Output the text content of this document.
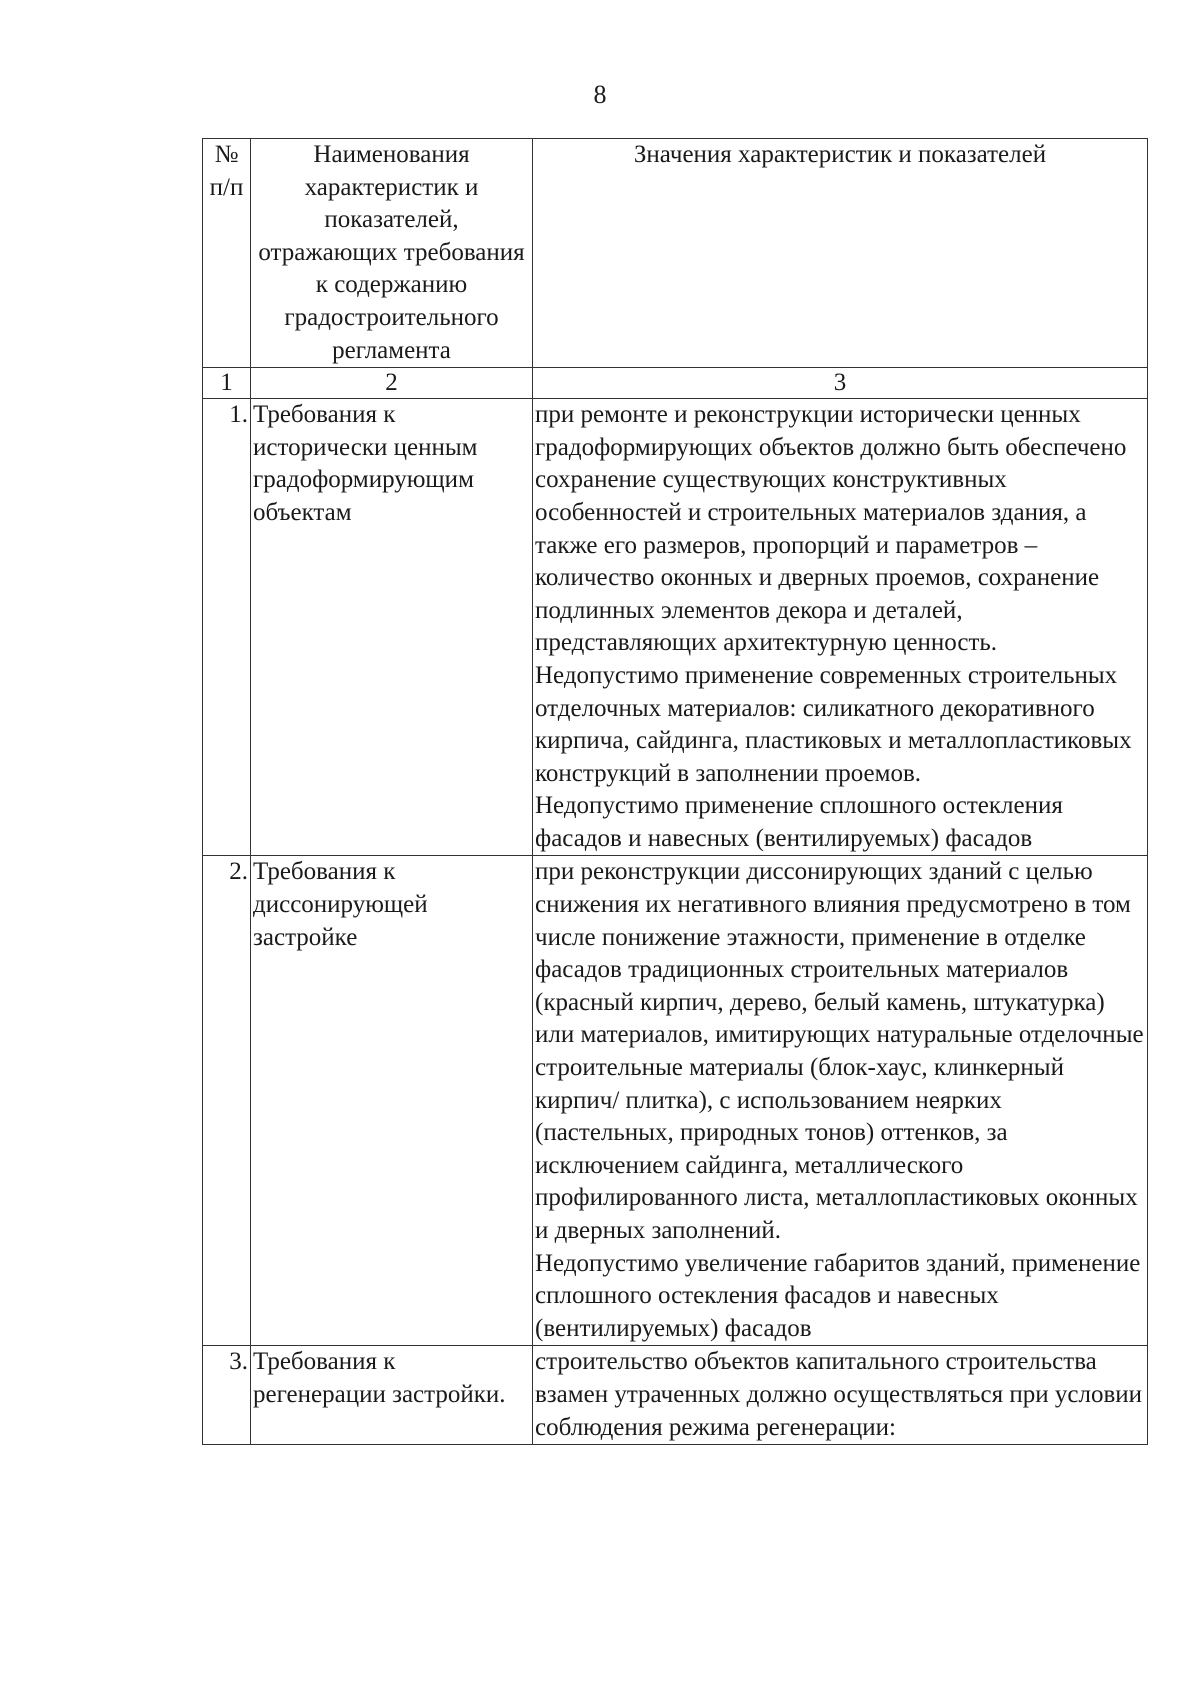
8
№ п/п	Наименования характеристик и показателей, отражающих требования к содержанию градостроительного регламента	Значения характеристик и показателей
1	2	3
1.	Требования к исторически ценным градоформирующим объектам	при ремонте и реконструкции исторически ценных градоформирующих объектов должно быть обеспечено сохранение существующих конструктивных особенностей и строительных материалов здания, а также его размеров, пропорций и параметров – количество оконных и дверных проемов, сохранение подлинных элементов декора и деталей, представляющих архитектурную ценность.
Недопустимо применение современных строительных отделочных материалов: силикатного декоративного кирпича, сайдинга, пластиковых и металлопластиковых конструкций в заполнении проемов.
Недопустимо применение сплошного остекления фасадов и навесных (вентилируемых) фасадов

2.	Требования к диссонирующей застройке	при реконструкции диссонирующих зданий с целью снижения их негативного влияния предусмотрено в том числе понижение этажности, применение в отделке фасадов традиционных строительных материалов (красный кирпич, дерево, белый камень, штукатурка) или материалов, имитирующих натуральные отделочные строительные материалы (блок-хаус, клинкерный кирпич/ плитка), с использованием неярких (пастельных, природных тонов) оттенков, за исключением сайдинга, металлического профилированного листа, металлопластиковых оконных и дверных заполнений.
Недопустимо увеличение габаритов зданий, применение сплошного остекления фасадов и навесных (вентилируемых) фасадов

3.	Требования к регенерации застройки.	строительство объектов капитального строительства взамен утраченных должно осуществляться при условии соблюдения режима регенерации:
